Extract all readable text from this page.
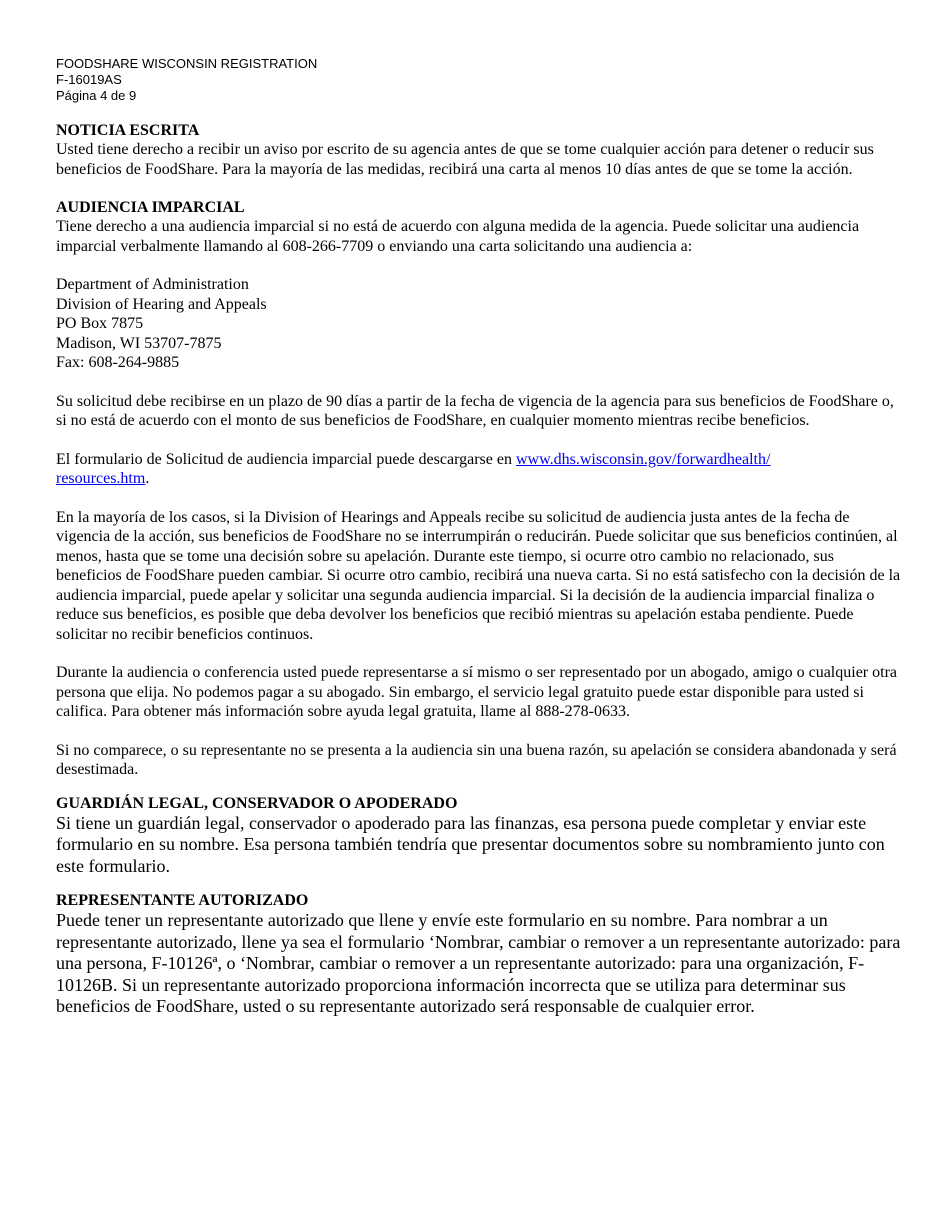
FOODSHARE WISCONSIN REGISTRATION
F-16019AS
Página 4 de 9
NOTICIA ESCRITA

Usted tiene derecho a recibir un aviso por escrito de su agencia antes de que se tome cualquier acción para detener o reducir sus beneficios de FoodShare. Para la mayoría de las medidas, recibirá una carta al menos 10 días antes de que se tome la acción.

AUDIENCIA IMPARCIAL

Tiene derecho a una audiencia imparcial si no está de acuerdo con alguna medida de la agencia. Puede solicitar una audiencia imparcial verbalmente llamando al 608-266-7709 o enviando una carta solicitando una audiencia a:

Department of Administration
Division of Hearing and Appeals
PO Box 7875
Madison, WI 53707-7875
Fax: 608-264-9885

Su solicitud debe recibirse en un plazo de 90 días a partir de la fecha de vigencia de la agencia para sus beneficios de FoodShare o, si no está de acuerdo con el monto de sus beneficios de FoodShare, en cualquier momento mientras recibe beneficios.

El formulario de Solicitud de audiencia imparcial puede descargarse en www.dhs.wisconsin.gov/forwardhealth/
resources.htm.

En la mayoría de los casos, si la Division of Hearings and Appeals recibe su solicitud de audiencia justa antes de la fecha de vigencia de la acción, sus beneficios de FoodShare no se interrumpirán o reducirán. Puede solicitar que sus beneficios continúen, al menos, hasta que se tome una decisión sobre su apelación. Durante este tiempo, si ocurre otro cambio no relacionado, sus beneficios de FoodShare pueden cambiar. Si ocurre otro cambio, recibirá una nueva carta. Si no está satisfecho con la decisión de la audiencia imparcial, puede apelar y solicitar una segunda audiencia imparcial. Si la decisión de la audiencia imparcial finaliza o reduce sus beneficios, es posible que deba devolver los beneficios que recibió mientras su apelación estaba pendiente. Puede solicitar no recibir beneficios continuos.

Durante la audiencia o conferencia usted puede representarse a sí mismo o ser representado por un abogado, amigo o cualquier otra persona que elija. No podemos pagar a su abogado. Sin embargo, el servicio legal gratuito puede estar disponible para usted si califica. Para obtener más información sobre ayuda legal gratuita, llame al 888-278-0633.

Si no comparece, o su representante no se presenta a la audiencia sin una buena razón, su apelación se considera abandonada y será desestimada.

GUARDIÁN LEGAL, CONSERVADOR O APODERADO

Si tiene un guardián legal, conservador o apoderado para las finanzas, esa persona puede completar y enviar este formulario en su nombre. Esa persona también tendría que presentar documentos sobre su nombramiento junto con este formulario.

REPRESENTANTE AUTORIZADO

Puede tener un representante autorizado que llene y envíe este formulario en su nombre. Para nombrar a un representante autorizado, llene ya sea el formulario ‘Nombrar, cambiar o remover a un representante autorizado: para una persona, F-10126ª, o ‘Nombrar, cambiar o remover a un representante autorizado: para una organización, F-10126B. Si un representante autorizado proporciona información incorrecta que se utiliza para determinar sus beneficios de FoodShare, usted o su representante autorizado será responsable de cualquier error.
